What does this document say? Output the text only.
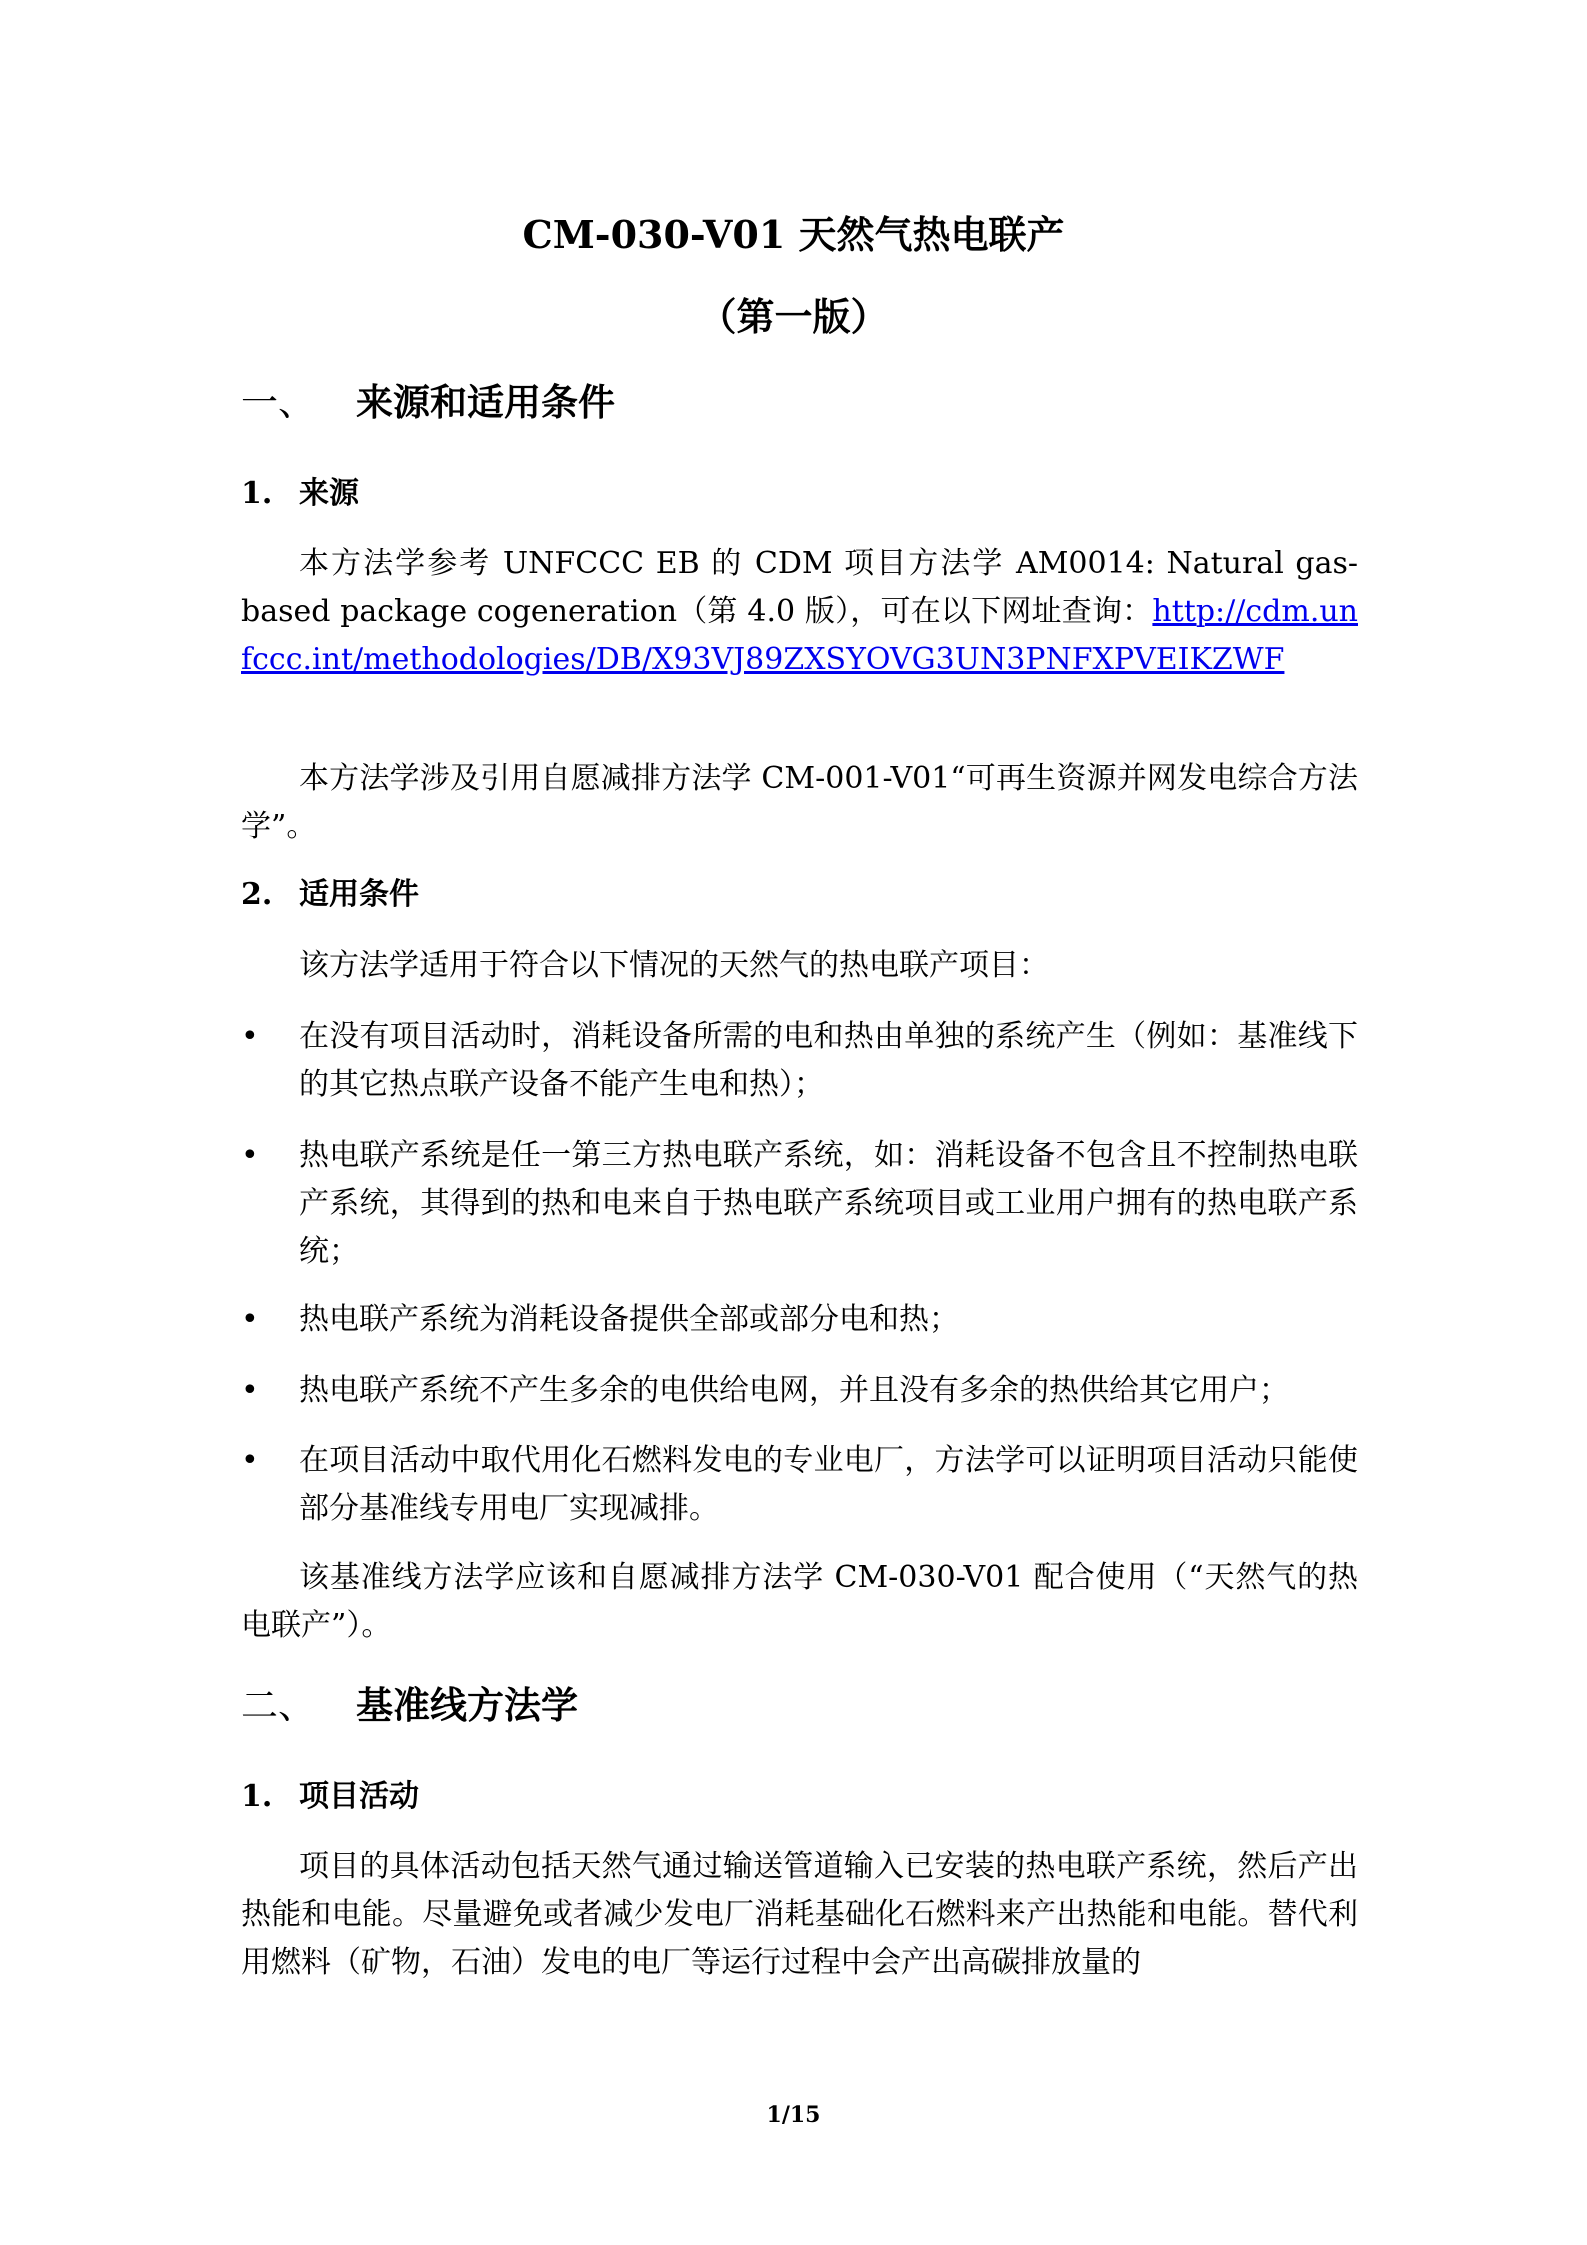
CM-030-V01 天然气热电联产
（第一版）
一、 来源和适用条件
1. 来源

本方法学参考 UNFCCC EB 的 CDM 项目方法学 AM0014: Natural gas-based package cogeneration（第 4.0 版），可在以下网址查询：http://cdm.unfccc.int/methodologies/DB/X93VJ89ZXSYOVG3UN3PNFXPVEIKZWF

本方法学涉及引用自愿减排方法学 CM-001-V01“可再生资源并网发电综合方法学”。

2. 适用条件

该方法学适用于符合以下情况的天然气的热电联产项目：

•	在没有项目活动时，消耗设备所需的电和热由单独的系统产生（例如：基准线下的其它热点联产设备不能产生电和热）；
•	热电联产系统是任一第三方热电联产系统，如：消耗设备不包含且不控制热电联产系统，其得到的热和电来自于热电联产系统项目或工业用户拥有的热电联产系统；
•	热电联产系统为消耗设备提供全部或部分电和热；
•	热电联产系统不产生多余的电供给电网，并且没有多余的热供给其它用户；
•	在项目活动中取代用化石燃料发电的专业电厂，方法学可以证明项目活动只能使部分基准线专用电厂实现减排。

该基准线方法学应该和自愿减排方法学 CM-030-V01 配合使用（“天然气的热电联产”）。

二、 基准线方法学
1. 项目活动

项目的具体活动包括天然气通过输送管道输入已安装的热电联产系统，然后产出热能和电能。尽量避免或者减少发电厂消耗基础化石燃料来产出热能和电能。替代利用燃料（矿物，石油）发电的电厂等运行过程中会产出高碳排放量的

1/15
